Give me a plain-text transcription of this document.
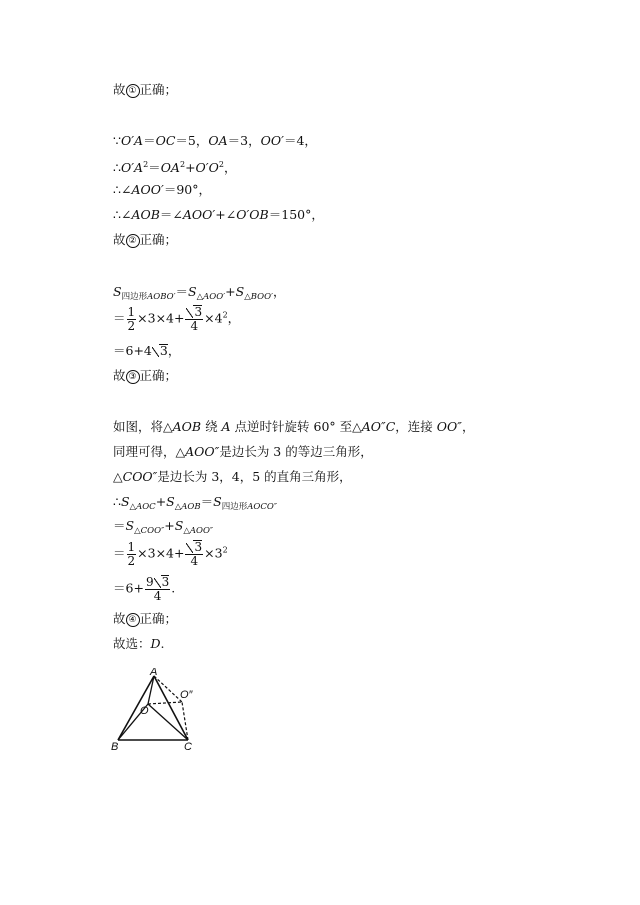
故 ① 正确；
∵O′A＝OC＝5，OA＝3，OO′＝4，
$\therefore O'A^2=OA^2+O'O^2$，
∴∠AOO′＝90°，
∴∠AOB＝∠AOO′+∠O′OB＝150°，
故 ② 正确；
$S_{四边形AOBO'}=S_{\triangle AOO'}+S_{\triangle BOO'}$，
＝ $\frac{1}{2} \times 3\times 4+ \frac{3}{4} \times 4^2$，
＝6+4 3，
故 ③ 正确；
如图，将△AOB 绕 A 点逆时针旋转 60° 至△AO″C，连接 OO″，
同理可得，△AOO″是边长为 3 的等边三角形，
△COO″是边长为 3，4，5 的直角三角形，
$\therefore S_{\triangle AOC}+S_{\triangle AOB}=S_{四边形AOCO''}$
$=S_{\triangle COO''}+S_{\triangle AOO''}$
＝ $\frac{1}{2} \times 3\times 4+ \frac{3}{4} \times 3^2$
$=6+ \frac{9 3}{4}$ .
故 ④ 正确；
故选：D.
A
B	C
O
O″
